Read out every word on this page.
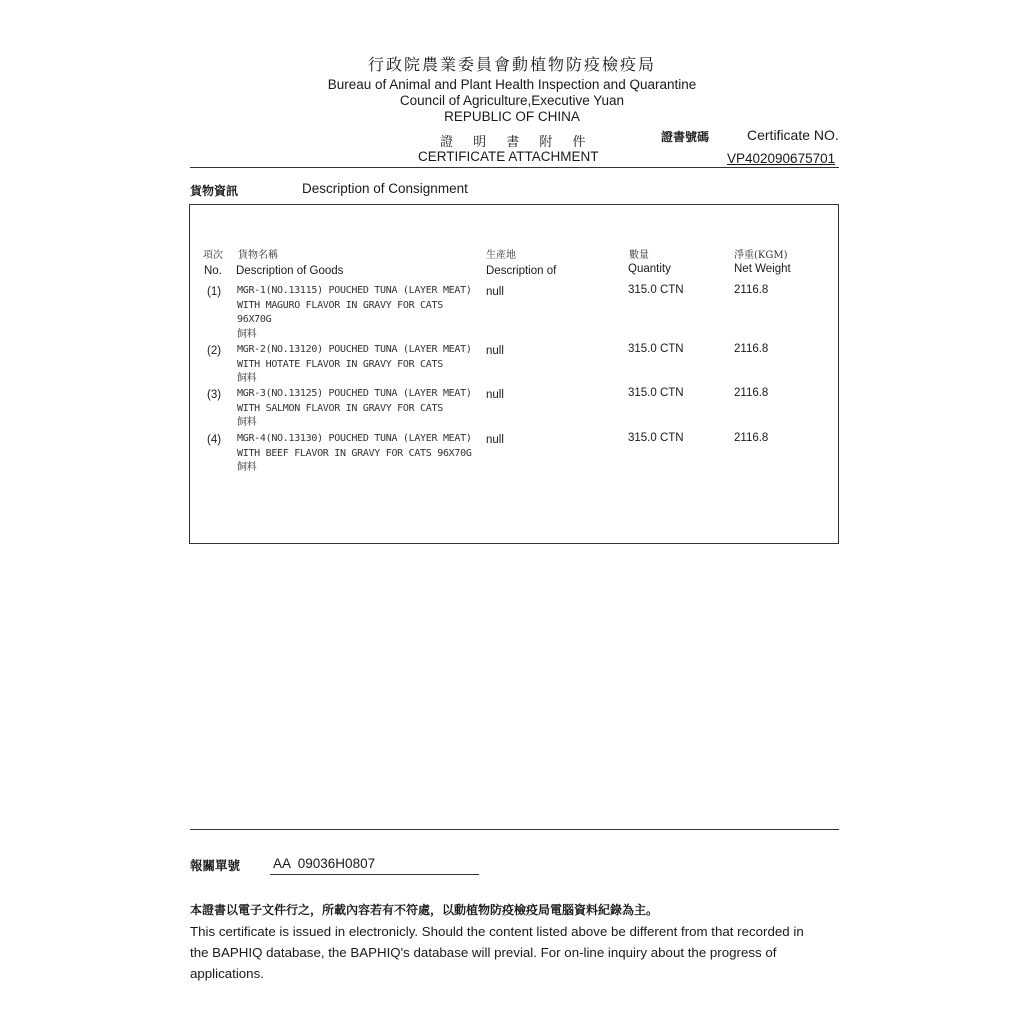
行政院農業委員會動植物防疫檢疫局
Bureau of Animal and Plant Health Inspection and Quarantine
Council of Agriculture,Executive Yuan
REPUBLIC OF CHINA
證 明 書 附 件
CERTIFICATE ATTACHMENT
證書號碼	Certificate NO.
VP402090675701
貨物資訊	Description of Consignment
項次 貨物名稱	生產地	數量	淨重(KGM)
No. Description of Goods	Description of	Quantity	Net Weight
(1) MGR-1(NO.13115) POUCHED TUNA (LAYER MEAT)
WITH MAGURO FLAVOR IN GRAVY FOR CATS
96X70G
飼料
null	315.0 CTN	2116.8
(2) MGR-2(NO.13120) POUCHED TUNA (LAYER MEAT)
WITH HOTATE FLAVOR IN GRAVY FOR CATS
飼料
null	315.0 CTN	2116.8
(3) MGR-3(NO.13125) POUCHED TUNA (LAYER MEAT)
WITH SALMON FLAVOR IN GRAVY FOR CATS
飼料
null	315.0 CTN	2116.8
(4) MGR-4(NO.13130) POUCHED TUNA (LAYER MEAT)
WITH BEEF FLAVOR IN GRAVY FOR CATS 96X70G
飼料
null	315.0 CTN	2116.8
報關單號 AA  09036H0807
本證書以電子文件行之，所載內容若有不符處，以動植物防疫檢疫局電腦資料紀錄為主。
This certificate is issued in electronicly. Should the content listed above be different from that recorded in
the BAPHIQ database, the BAPHIQ's database will previal. For on-line inquiry about the progress of
applications.
